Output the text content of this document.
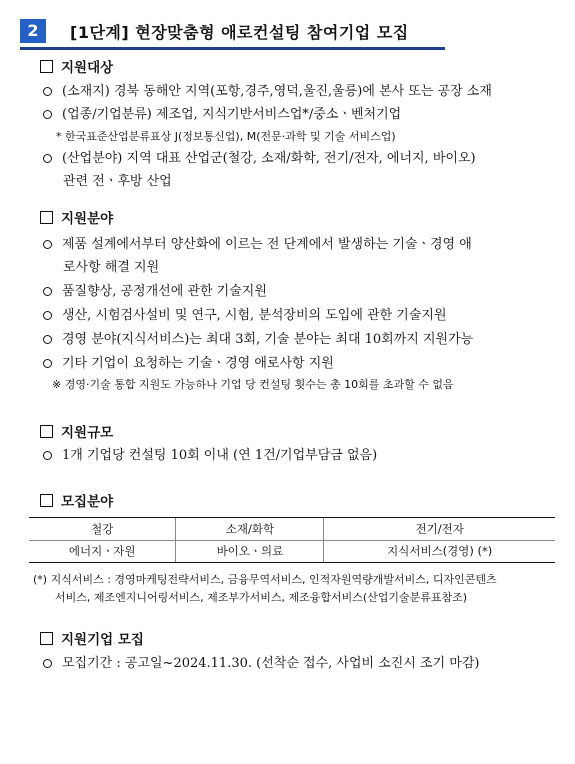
2	[1단계] 현장맞춤형 애로컨설팅 참여기업 모집
지원대상
(소재지) 경북 동해안 지역(포항,경주,영덕,울진,울릉)에 본사 또는 공장 소재
(업종/기업분류) 제조업, 지식기반서비스업*/중소ㆍ벤처기업
* 한국표준산업분류표상 J(정보통신업), M(전문·과학 및 기술 서비스업)
(산업분야) 지역 대표 산업군(철강, 소재/화학, 전기/전자, 에너지, 바이오)
관련 전ㆍ후방 산업
지원분야
제품 설계에서부터 양산화에 이르는 전 단계에서 발생하는 기술ㆍ경영 애
로사항 해결 지원
품질향상, 공정개선에 관한 기술지원
생산, 시험검사설비 및 연구, 시험, 분석장비의 도입에 관한 기술지원
경영 분야(지식서비스)는 최대 3회, 기술 분야는 최대 10회까지 지원가능
기타 기업이 요청하는 기술ㆍ경영 애로사항 지원
※ 경영·기술 통합 지원도 가능하나 기업 당 컨설팅 횟수는 총 10회를 초과할 수 없음
지원규모
1개 기업당 컨설팅 10회 이내 (연 1건/기업부담금 없음)
모집분야
철강	소재/화학	전기/전자
에너지ㆍ자원	바이오ㆍ의료	지식서비스(경영) (*)
(*) 지식서비스 : 경영마케팅전략서비스, 금융무역서비스, 인적자원역량개발서비스, 디자인콘텐츠
서비스, 제조엔지니어링서비스, 제조부가서비스, 제조융합서비스(산업기술분류표참조)
지원기업 모집
모집기간 : 공고일~2024.11.30. (선착순 접수, 사업비 소진시 조기 마감)
